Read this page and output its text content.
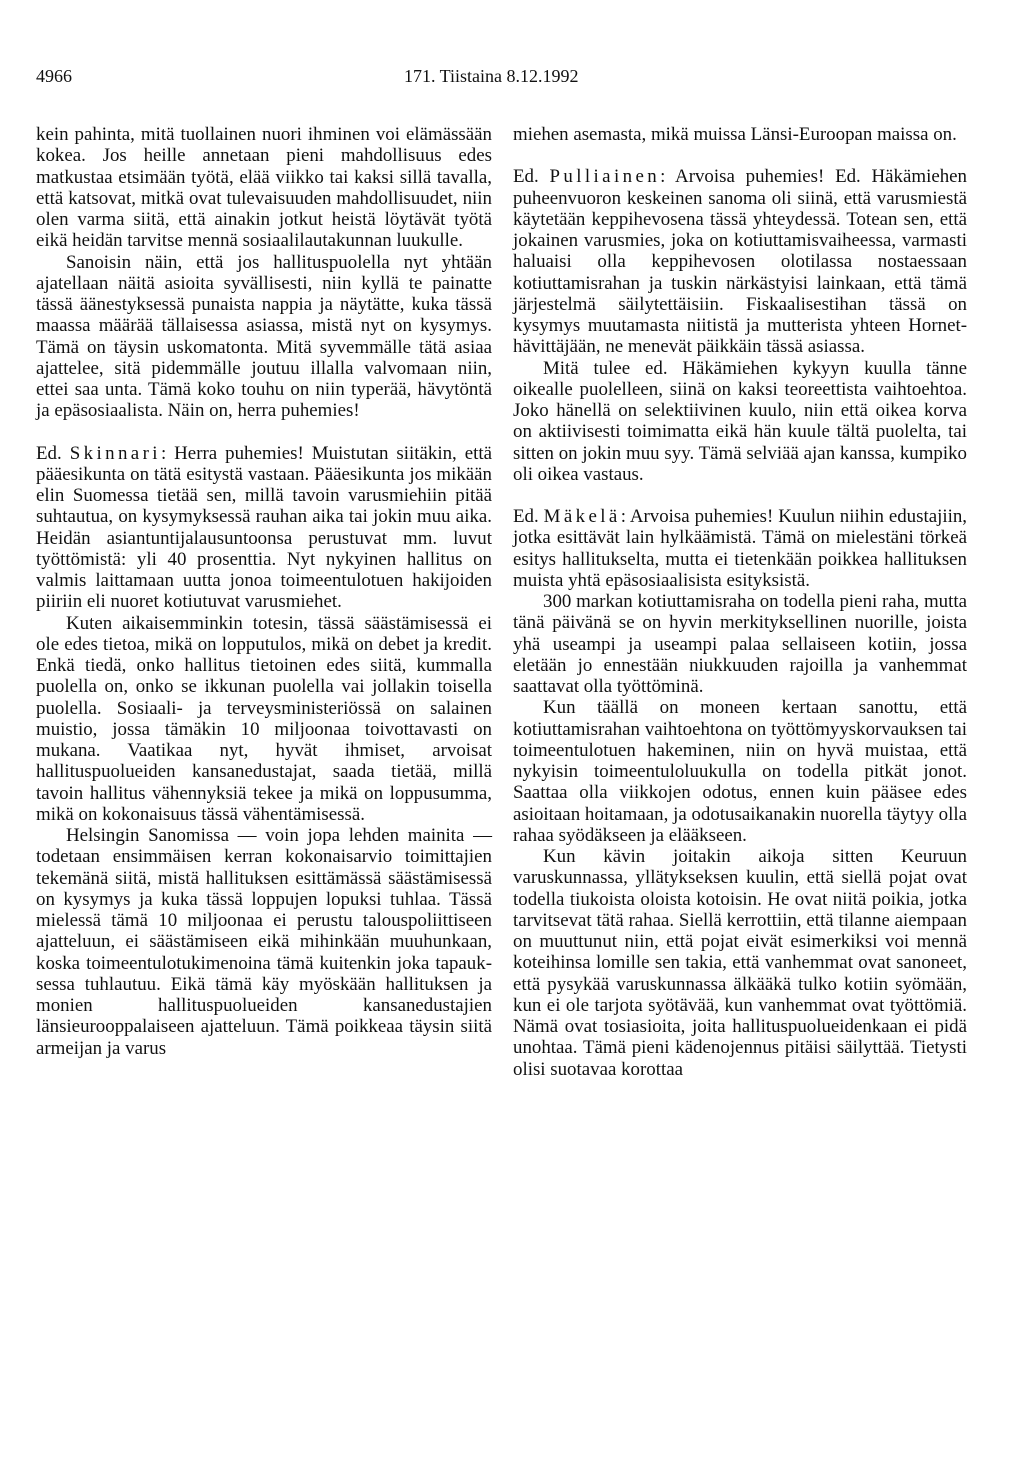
4966	171. Tiistaina 8.12.1992

kein pahinta, mitä tuollainen nuori ihminen voi elämässään kokea. Jos heille annetaan pieni mahdollisuus edes matkustaa etsimään työtä, elää viikko tai kaksi sillä tavalla, että katsovat, mitkä ovat tulevaisuuden mahdollisuudet, niin olen varma siitä, että ainakin jotkut heistä löytävät työtä eikä heidän tarvitse mennä sosiaalilautakunnan luukulle.

Sanoisin näin, että jos hallituspuolella nyt yhtään ajatellaan näitä asioita syvällisesti, niin kyllä te painatte tässä äänestyksessä punaista nappia ja näytätte, kuka tässä maassa määrää tällaisessa asiassa, mistä nyt on kysymys. Tämä on täysin uskomatonta. Mitä syvemmälle tätä asiaa ajattelee, sitä pidemmälle joutuu illalla valvomaan niin, ettei saa unta. Tämä koko touhu on niin typerää, hävytöntä ja epäsosiaalista. Näin on, herra puhemies!

Ed. Skinnari: Herra puhemies! Muistutan siitäkin, että pääesikunta on tätä esitystä vastaan. Pääesikunta jos mikään elin Suomessa tietää sen, millä tavoin varusmiehiin pitää suhtautua, on kysymyksessä rauhan aika tai jokin muu aika. Heidän asiantuntijalausuntoonsa perustuvat mm. luvut työttömistä: yli 40 prosenttia. Nyt nykyinen hallitus on valmis laittamaan uutta jonoa toimeentulotuen hakijoiden piiriin eli nuoret kotiutuvat varusmiehet.

Kuten aikaisemminkin totesin, tässä säästämisessä ei ole edes tietoa, mikä on lopputulos, mikä on debet ja kredit. Enkä tiedä, onko hallitus tietoinen edes siitä, kummalla puolella on, onko se ikkunan puolella vai jollakin toisella puolella. Sosiaali- ja terveysministeriössä on salainen muistio, jossa tämäkin 10 miljoonaa toivottavasti on mukana. Vaatikaa nyt, hyvät ihmiset, arvoisat hallituspuolueiden kansanedustajat, saada tietää, millä tavoin hallitus vähennyksiä tekee ja mikä on loppusumma, mikä on kokonaisuus tässä vähentämisessä.

Helsingin Sanomissa — voin jopa lehden mainita — todetaan ensimmäisen kerran kokonaisarvio toimittajien tekemänä siitä, mistä hallituksen esittämässä säästämisessä on kysymys ja kuka tässä loppujen lopuksi tuhlaa. Tässä mielessä tämä 10 miljoonaa ei perustu talouspoliittiseen ajatteluun, ei säästämiseen eikä mihinkään muuhunkaan, koska toimeentulotukimenoina tämä kuitenkin joka tapauksessa tuhlautuu. Eikä tämä käy myöskään hallituksen ja monien hallituspuolueiden kansanedustajien länsieurooppalaiseen ajatteluun. Tämä poikkeaa täysin siitä armeijan ja varus

miehen asemasta, mikä muissa Länsi-Euroopan maissa on.

Ed. Pulliainen: Arvoisa puhemies! Ed. Häkämiehen puheenvuoron keskeinen sanoma oli siinä, että varusmiestä käytetään keppihevosena tässä yhteydessä. Totean sen, että jokainen varusmies, joka on kotiuttamisvaiheessa, varmasti haluaisi olla keppihevosen olotilassa nostaessaan kotiuttamisrahan ja tuskin närkästyisi lainkaan, että tämä järjestelmä säilytettäisiin. Fiskaalisestihan tässä on kysymys muutamasta niitistä ja mutterista yhteen Hornet-hävittäjään, ne menevät päikkäin tässä asiassa.

Mitä tulee ed. Häkämiehen kykyyn kuulla tänne oikealle puolelleen, siinä on kaksi teoreettista vaihtoehtoa. Joko hänellä on selektiivinen kuulo, niin että oikea korva on aktiivisesti toimimatta eikä hän kuule tältä puolelta, tai sitten on jokin muu syy. Tämä selviää ajan kanssa, kumpiko oli oikea vastaus.

Ed. Mäkelä: Arvoisa puhemies! Kuulun niihin edustajiin, jotka esittävät lain hylkäämistä. Tämä on mielestäni törkeä esitys hallitukselta, mutta ei tietenkään poikkea hallituksen muista yhtä epäsosiaalisista esityksistä.

300 markan kotiuttamisraha on todella pieni raha, mutta tänä päivänä se on hyvin merkityksellinen nuorille, joista yhä useampi ja useampi palaa sellaiseen kotiin, jossa eletään jo ennestään niukkuuden rajoilla ja vanhemmat saattavat olla työttöminä.

Kun täällä on moneen kertaan sanottu, että kotiuttamisrahan vaihtoehtona on työttömyyskorvauksen tai toimeentulotuen hakeminen, niin on hyvä muistaa, että nykyisin toimeentuloluukulla on todella pitkät jonot. Saattaa olla viikkojen odotus, ennen kuin pääsee edes asioitaan hoitamaan, ja odotusaikanakin nuorella täytyy olla rahaa syödäkseen ja elääkseen.

Kun kävin joitakin aikoja sitten Keuruun varuskunnassa, yllätykseksen kuulin, että siellä pojat ovat todella tiukoista oloista kotoisin. He ovat niitä poikia, jotka tarvitsevat tätä rahaa. Siellä kerrottiin, että tilanne aiempaan on muuttunut niin, että pojat eivät esimerkiksi voi mennä koteihinsa lomille sen takia, että vanhemmat ovat sanoneet, että pysykää varuskunnassa älkääkä tulko kotiin syömään, kun ei ole tarjota syötävää, kun vanhemmat ovat työttömiä. Nämä ovat tosiasioita, joita hallituspuolueidenkaan ei pidä unohtaa. Tämä pieni kädenojennus pitäisi säilyttää. Tietysti olisi suotavaa korottaa
